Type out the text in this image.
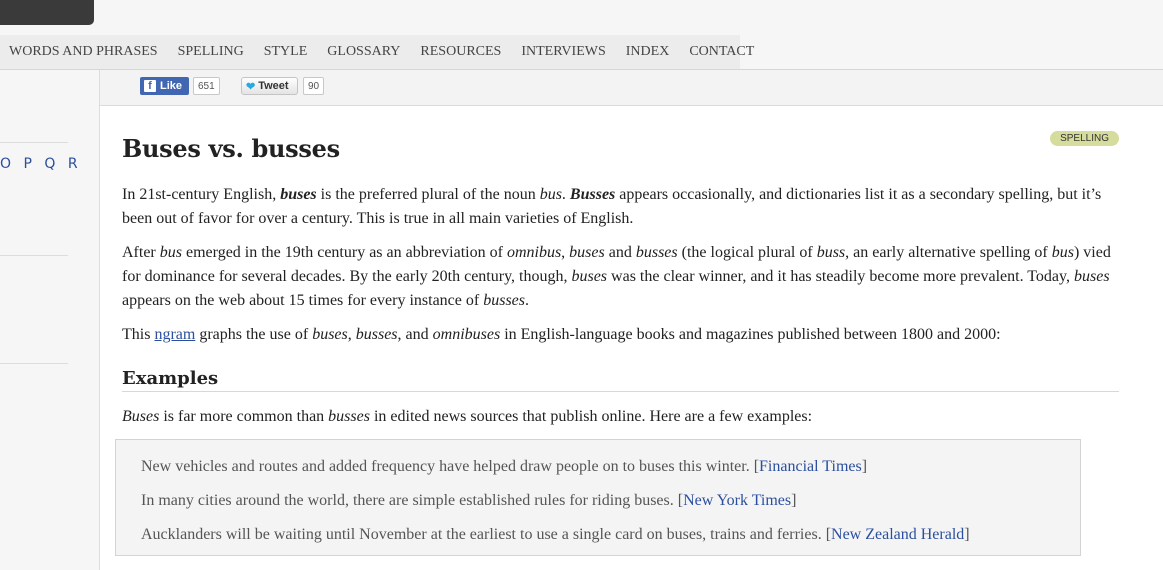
WORDS AND PHRASES	SPELLING	STYLE	GLOSSARY	RESOURCES	INTERVIEWS	INDEX	CONTACT
O P Q R
f Like	651	❤ Tweet	90
Buses vs. busses	SPELLING

In 21st-century English, buses is the preferred plural of the noun bus. Busses appears occasionally, and dictionaries list it as a secondary spelling, but it’s been out of favor for over a century. This is true in all main varieties of English.

After bus emerged in the 19th century as an abbreviation of omnibus, buses and busses (the logical plural of buss, an early alternative spelling of bus) vied for dominance for several decades. By the early 20th century, though, buses was the clear winner, and it has steadily become more prevalent. Today, buses appears on the web about 15 times for every instance of busses.

This ngram graphs the use of buses, busses, and omnibuses in English-language books and magazines published between 1800 and 2000:

Examples

Buses is far more common than busses in edited news sources that publish online. Here are a few examples:

New vehicles and routes and added frequency have helped draw people on to buses this winter. [Financial Times]

In many cities around the world, there are simple established rules for riding buses. [New York Times]

Aucklanders will be waiting until November at the earliest to use a single card on buses, trains and ferries. [New Zealand Herald]
